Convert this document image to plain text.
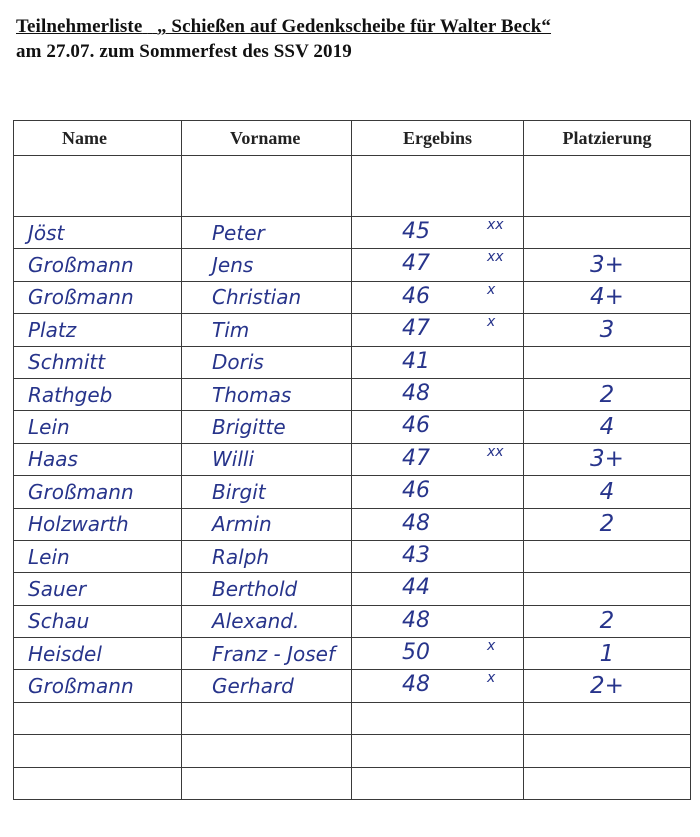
Teilnehmerliste „ Schießen auf Gedenkscheibe für Walter Beck“
am 27.07. zum Sommerfest des SSV 2019
Name	Vorname	Ergebins	Platzierung

Jöst	Peter	45 xx	

Großmann	Jens	47 xx	3+
Großmann	Christian	46 x	4+
Platz	Tim	47 x	3
Schmitt	Doris	41	

Rathgeb	Thomas	48	2
Lein	Brigitte	46	4
Haas	Willi	47 xx	3+
Großmann	Birgit	46	4
Holzwarth	Armin	48	2
Lein	Ralph	43	

Sauer	Berthold	44	

Schau	Alexand.	48	2
Heisdel	Franz - Josef	50 x	1
Großmann	Gerhard	48 x	2+
